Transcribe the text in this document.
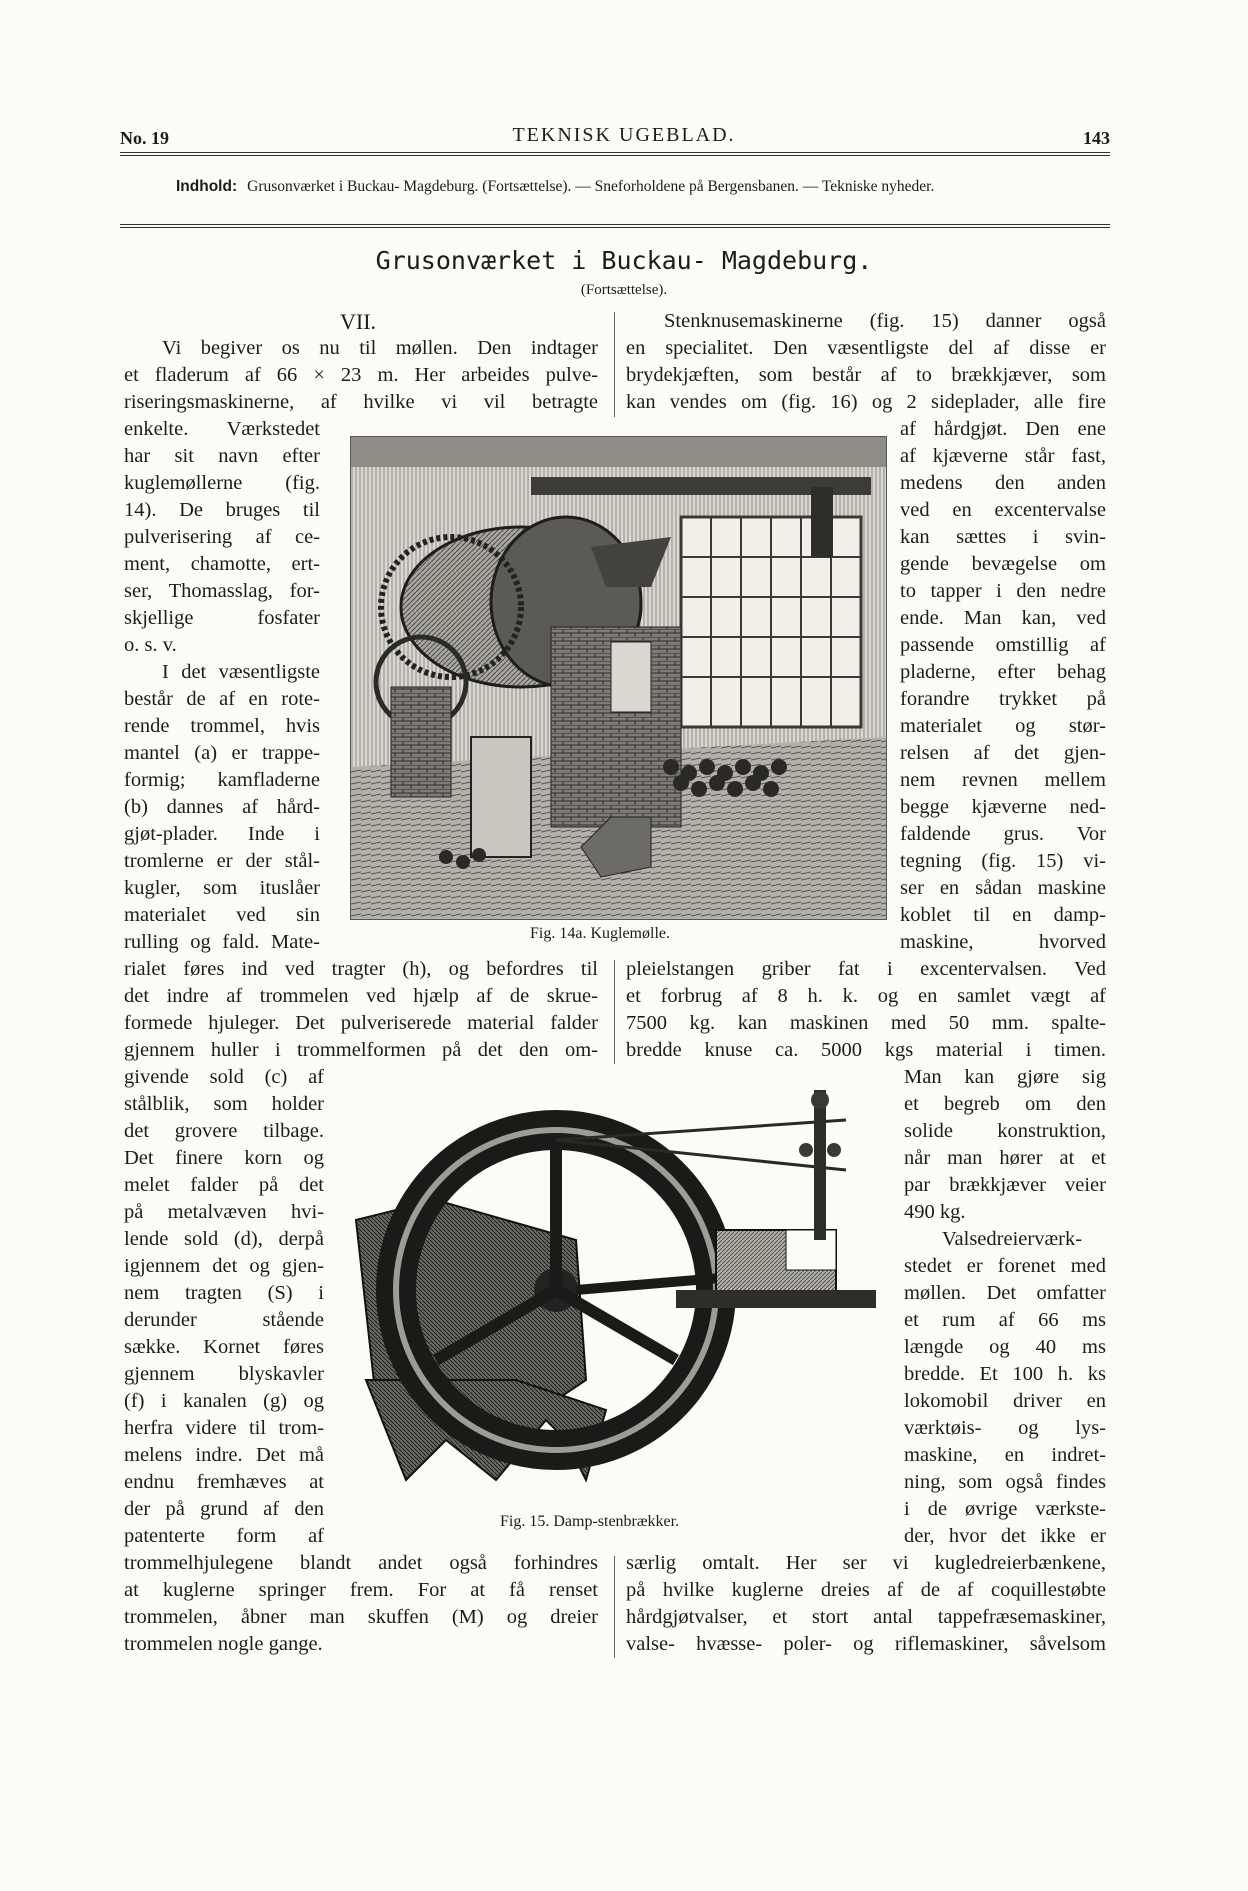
No. 19	TEKNISK UGEBLAD.	143
Indhold: Grusonværket i Buckau- Magdeburg. (Fortsættelse). — Sneforholdene på Bergensbanen. — Tekniske nyheder.
Grusonværket i Buckau- Magdeburg.
(Fortsættelse).
VII.
Vi begiver os nu til møllen. Den indtager
et fladerum af 66 × 23 m. Her arbeides pulve-
riseringsmaskinerne, af hvilke vi vil betragte
enkelte. Værkstedet
har sit navn efter
kuglemøllerne (fig.
14). De bruges til
pulverisering af ce-
ment, chamotte, ert-
ser, Thomasslag, for-
skjellige fosfater
o. s. v.
I det væsentligste
består de af en rote-
rende trommel, hvis
mantel (a) er trappe-
formig; kamfladerne
(b) dannes af hård-
gjøt-plader. Inde i
tromlerne er der stål-
kugler, som ituslåer
materialet ved sin
rulling og fald. Mate-
rialet føres ind ved tragter (h), og befordres til
det indre af trommelen ved hjælp af de skrue-
formede hjuleger. Det pulveriserede material falder
gjennem huller i trommelformen på det den om-
givende sold (c) af
stålblik, som holder
det grovere tilbage.
Det finere korn og
melet falder på det
på metalvæven hvi-
lende sold (d), derpå
igjennem det og gjen-
nem tragten (S) i
derunder stående
sække. Kornet føres
gjennem blyskavler
(f) i kanalen (g) og
herfra videre til trom-
melens indre. Det må
endnu fremhæves at
der på grund af den
patenterte form af
trommelhjulegene blandt andet også forhindres
at kuglerne springer frem. For at få renset
trommelen, åbner man skuffen (M) og dreier
trommelen nogle gange.
Stenknusemaskinerne (fig. 15) danner også
en specialitet. Den væsentligste del af disse er
brydekjæften, som består af to brækkjæver, som
kan vendes om (fig. 16) og 2 sideplader, alle fire
af hårdgjøt. Den ene
af kjæverne står fast,
medens den anden
ved en excentervalse
kan sættes i svin-
gende bevægelse om
to tapper i den nedre
ende. Man kan, ved
passende omstillig af
pladerne, efter behag
forandre trykket på
materialet og stør-
relsen af det gjen-
nem revnen mellem
begge kjæverne ned-
faldende grus. Vor
tegning (fig. 15) vi-
ser en sådan maskine
koblet til en damp-
maskine, hvorved
pleielstangen griber fat i excentervalsen. Ved
et forbrug af 8 h. k. og en samlet vægt af
7500 kg. kan maskinen med 50 mm. spalte-
bredde knuse ca. 5000 kgs material i timen.
Man kan gjøre sig
et begreb om den
solide konstruktion,
når man hører at et
par brækkjæver veier
490 kg.
Valsedreierværk-
stedet er forenet med
møllen. Det omfatter
et rum af 66 ms
længde og 40 ms
bredde. Et 100 h. ks
lokomobil driver en
værktøis- og lys-
maskine, en indret-
ning, som også findes
i de øvrige værkste-
der, hvor det ikke er
særlig omtalt. Her ser vi kugledreierbænkene,
på hvilke kuglerne dreies af de af coquillestøbte
hårdgjøtvalser, et stort antal tappefræsemaskiner,
valse- hvæsse- poler- og riflemaskiner, såvelsom
Fig. 14a. Kuglemølle.
Fig. 15. Damp-stenbrækker.
